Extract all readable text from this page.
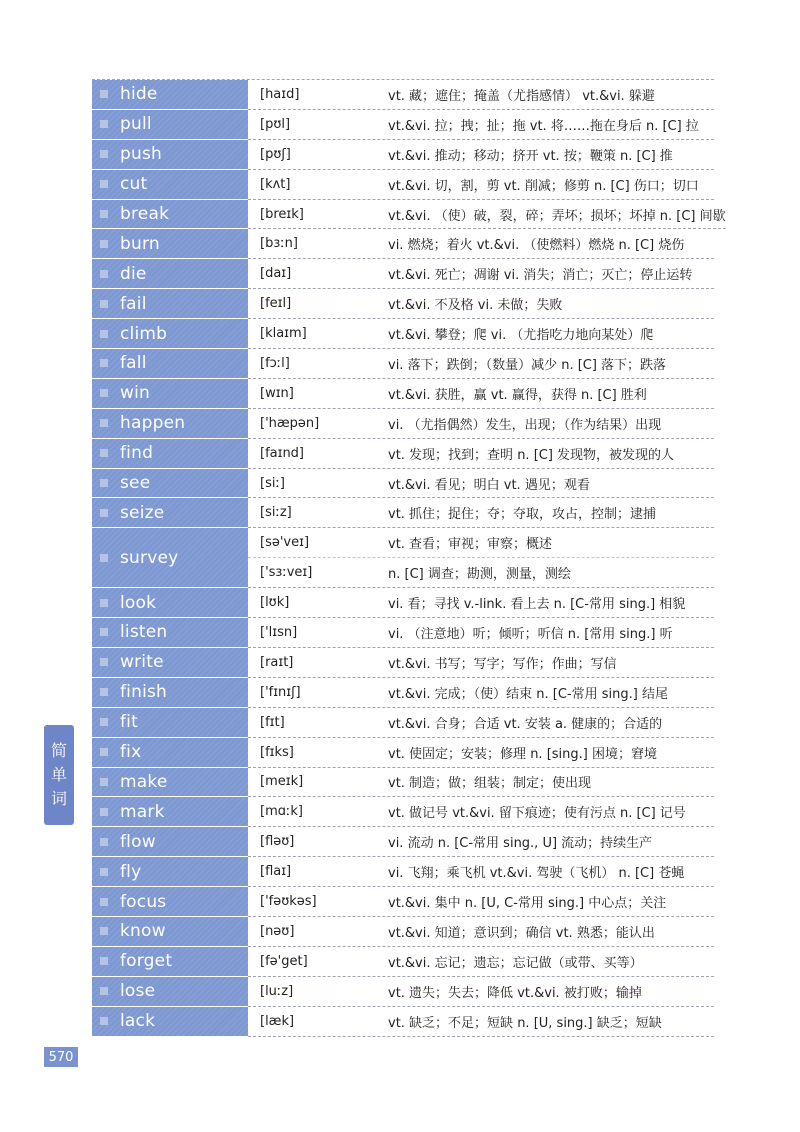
hide	[haɪd]	vt. 藏；遮住；掩盖（尤指感情） vt.&vi. 躲避
pull	[pʊl]	vt.&vi. 拉；拽；扯；拖 vt. 将……拖在身后 n. [C] 拉
push	[pʊʃ]	vt.&vi. 推动；移动；挤开 vt. 按；鞭策 n. [C] 推
cut	[kʌt]	vt.&vi. 切，割，剪 vt. 削减；修剪 n. [C] 伤口；切口
break	[breɪk]	vt.&vi. （使）破，裂，碎；弄坏；损坏；坏掉 n. [C] 间歇
burn	[bɜːn]	vi. 燃烧；着火 vt.&vi. （使燃料）燃烧 n. [C] 烧伤
die	[daɪ]	vt.&vi. 死亡；凋谢 vi. 消失；消亡；灭亡；停止运转
fail	[feɪl]	vt.&vi. 不及格 vi. 未做；失败
climb	[klaɪm]	vt.&vi. 攀登；爬 vi. （尤指吃力地向某处）爬
fall	[fɔːl]	vi. 落下；跌倒；（数量）减少 n. [C] 落下；跌落
win	[wɪn]	vt.&vi. 获胜，赢 vt. 赢得，获得 n. [C] 胜利
happen	['hæpən]	vi. （尤指偶然）发生，出现；（作为结果）出现
find	[faɪnd]	vt. 发现；找到；查明 n. [C] 发现物，被发现的人
see	[siː]	vt.&vi. 看见；明白 vt. 遇见；观看
seize	[siːz]	vt. 抓住；捉住；夺；夺取，攻占，控制；逮捕
survey
[sə'veɪ]	vt. 查看；审视；审察；概述
['sɜːveɪ]	n. [C] 调查；勘测，测量，测绘
look	[lʊk]	vi. 看；寻找 v.-link. 看上去 n. [C-常用 sing.] 相貌
listen	['lɪsn]	vi. （注意地）听；倾听；听信 n. [常用 sing.] 听
write	[raɪt]	vt.&vi. 书写；写字；写作；作曲；写信
finish	['fɪnɪʃ]	vt.&vi. 完成；（使）结束 n. [C-常用 sing.] 结尾
fit	[fɪt]	vt.&vi. 合身；合适 vt. 安装 a. 健康的；合适的
fix	[fɪks]	vt. 使固定；安装；修理 n. [sing.] 困境；窘境
make	[meɪk]	vt. 制造；做；组装；制定；使出现
mark	[mɑːk]	vt. 做记号 vt.&vi. 留下痕迹；使有污点 n. [C] 记号
flow	[fləʊ]	vi. 流动 n. [C-常用 sing., U] 流动；持续生产
fly	[flaɪ]	vi. 飞翔；乘飞机 vt.&vi. 驾驶（飞机） n. [C] 苍蝇
focus	['fəʊkəs]	vt.&vi. 集中 n. [U, C-常用 sing.] 中心点；关注
know	[nəʊ]	vt.&vi. 知道；意识到；确信 vt. 熟悉；能认出
forget	[fə'get]	vt.&vi. 忘记；遗忘；忘记做（或带、买等）
lose	[luːz]	vt. 遗失；失去；降低 vt.&vi. 被打败；输掉
lack	[læk]	vt. 缺乏；不足；短缺 n. [U, sing.] 缺乏；短缺
简
单
词
570
